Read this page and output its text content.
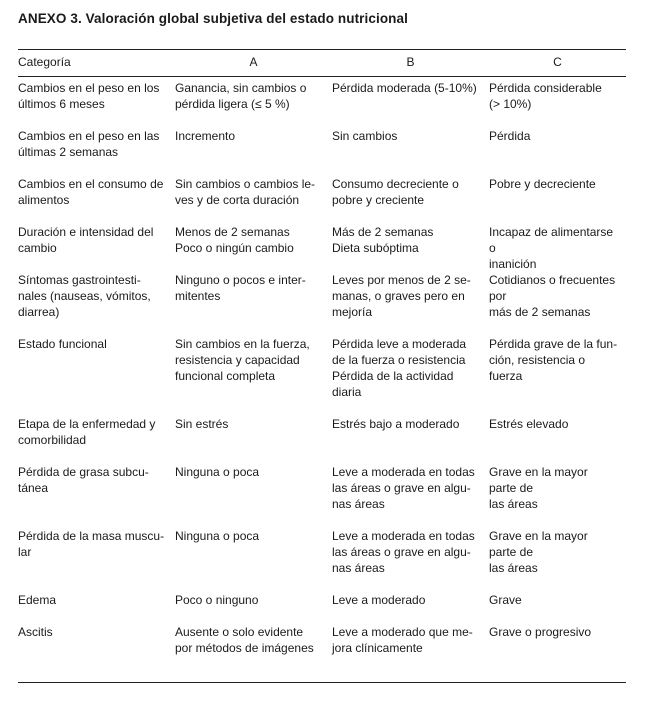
ANEXO 3. Valoración global subjetiva del estado nutricional
Categoría	A	B	C

Cambios en el peso en los
últimos 6 meses	Ganancia, sin cambios o
pérdida ligera (≤ 5 %)	Pérdida moderada (5-10%)	Pérdida considerable
(> 10%)

Cambios en el peso en las
últimas 2 semanas	Incremento	Sin cambios	Pérdida

Cambios en el consumo de
alimentos	Sin cambios o cambios le-
ves y de corta duración	Consumo decreciente o
pobre y creciente	Pobre y decreciente

Duración e intensidad del
cambio	Menos de 2 semanas
Poco o ningún cambio	Más de 2 semanas
Dieta subóptima	Incapaz de alimentarse o
inanición

Síntomas gastrointesti-
nales (nauseas, vómitos,
diarrea)	Ninguno o pocos e inter-
mitentes	Leves por menos de 2 se-
manas, o graves pero en
mejoría	Cotidianos o frecuentes por
más de 2 semanas

Estado funcional	Sin cambios en la fuerza,
resistencia y capacidad
funcional completa	Pérdida leve a moderada
de la fuerza o resistencia
Pérdida de la actividad
diaria	Pérdida grave de la fun-
ción, resistencia o fuerza

Etapa de la enfermedad y
comorbilidad	Sin estrés	Estrés bajo a moderado	Estrés elevado

Pérdida de grasa subcu-
tánea	Ninguna o poca	Leve a moderada en todas
las áreas o grave en algu-
nas áreas	Grave en la mayor parte de
las áreas

Pérdida de la masa muscu-
lar	Ninguna o poca	Leve a moderada en todas
las áreas o grave en algu-
nas áreas	Grave en la mayor parte de
las áreas

Edema	Poco o ninguno	Leve a moderado	Grave

Ascitis	Ausente o solo evidente
por métodos de imágenes	Leve a moderado que me-
jora clínicamente	Grave o progresivo
